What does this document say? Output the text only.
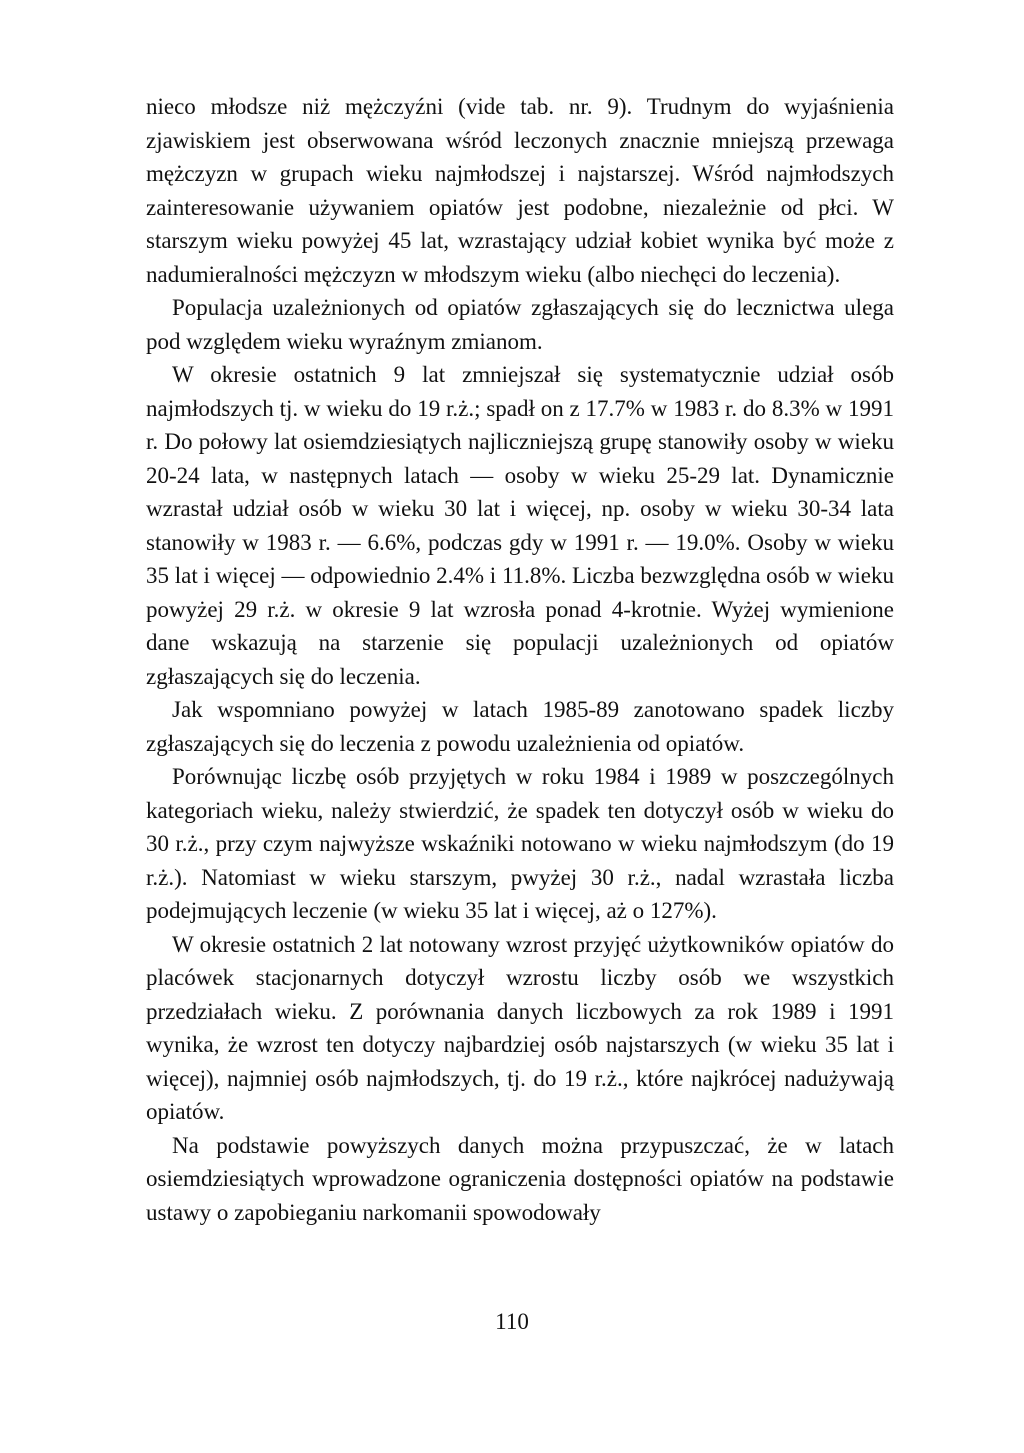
nieco młodsze niż mężczyźni (vide tab. nr. 9). Trudnym do wyjaśnienia zjawiskiem jest obserwowana wśród leczonych znacznie mniejszą przewaga mężczyzn w grupach wieku najmłodszej i najstarszej. Wśród najmłodszych zainteresowanie używaniem opiatów jest podobne, niezależnie od płci. W starszym wieku powyżej 45 lat, wzrastający udział kobiet wynika być może z nadumieralności mężczyzn w młodszym wieku (albo niechęci do leczenia).

Populacja uzależnionych od opiatów zgłaszających się do lecznictwa ulega pod względem wieku wyraźnym zmianom.

W okresie ostatnich 9 lat zmniejszał się systematycznie udział osób najmłodszych tj. w wieku do 19 r.ż.; spadł on z 17.7% w 1983 r. do 8.3% w 1991 r. Do połowy lat osiemdziesiątych najliczniejszą grupę stanowiły osoby w wieku 20-24 lata, w następnych latach — osoby w wieku 25-29 lat. Dynamicznie wzrastał udział osób w wieku 30 lat i więcej, np. osoby w wieku 30-34 lata stanowiły w 1983 r. — 6.6%, podczas gdy w 1991 r. — 19.0%. Osoby w wieku 35 lat i więcej — odpowiednio 2.4% i 11.8%. Liczba bezwzględna osób w wieku powyżej 29 r.ż. w okresie 9 lat wzrosła ponad 4-krotnie. Wyżej wymienione dane wskazują na starzenie się populacji uzależnionych od opiatów zgłaszających się do leczenia.

Jak wspomniano powyżej w latach 1985-89 zanotowano spadek liczby zgłaszających się do leczenia z powodu uzależnienia od opiatów.

Porównując liczbę osób przyjętych w roku 1984 i 1989 w poszczególnych kategoriach wieku, należy stwierdzić, że spadek ten dotyczył osób w wieku do 30 r.ż., przy czym najwyższe wskaźniki notowano w wieku najmłodszym (do 19 r.ż.). Natomiast w wieku starszym, pwyżej 30 r.ż., nadal wzrastała liczba podejmujących leczenie (w wieku 35 lat i więcej, aż o 127%).

W okresie ostatnich 2 lat notowany wzrost przyjęć użytkowników opiatów do placówek stacjonarnych dotyczył wzrostu liczby osób we wszystkich przedziałach wieku. Z porównania danych liczbowych za rok 1989 i 1991 wynika, że wzrost ten dotyczy najbardziej osób najstarszych (w wieku 35 lat i więcej), najmniej osób najmłodszych, tj. do 19 r.ż., które najkrócej nadużywają opiatów.

Na podstawie powyższych danych można przypuszczać, że w latach osiemdziesiątych wprowadzone ograniczenia dostępności opiatów na podstawie ustawy o zapobieganiu narkomanii spowodowały

110
